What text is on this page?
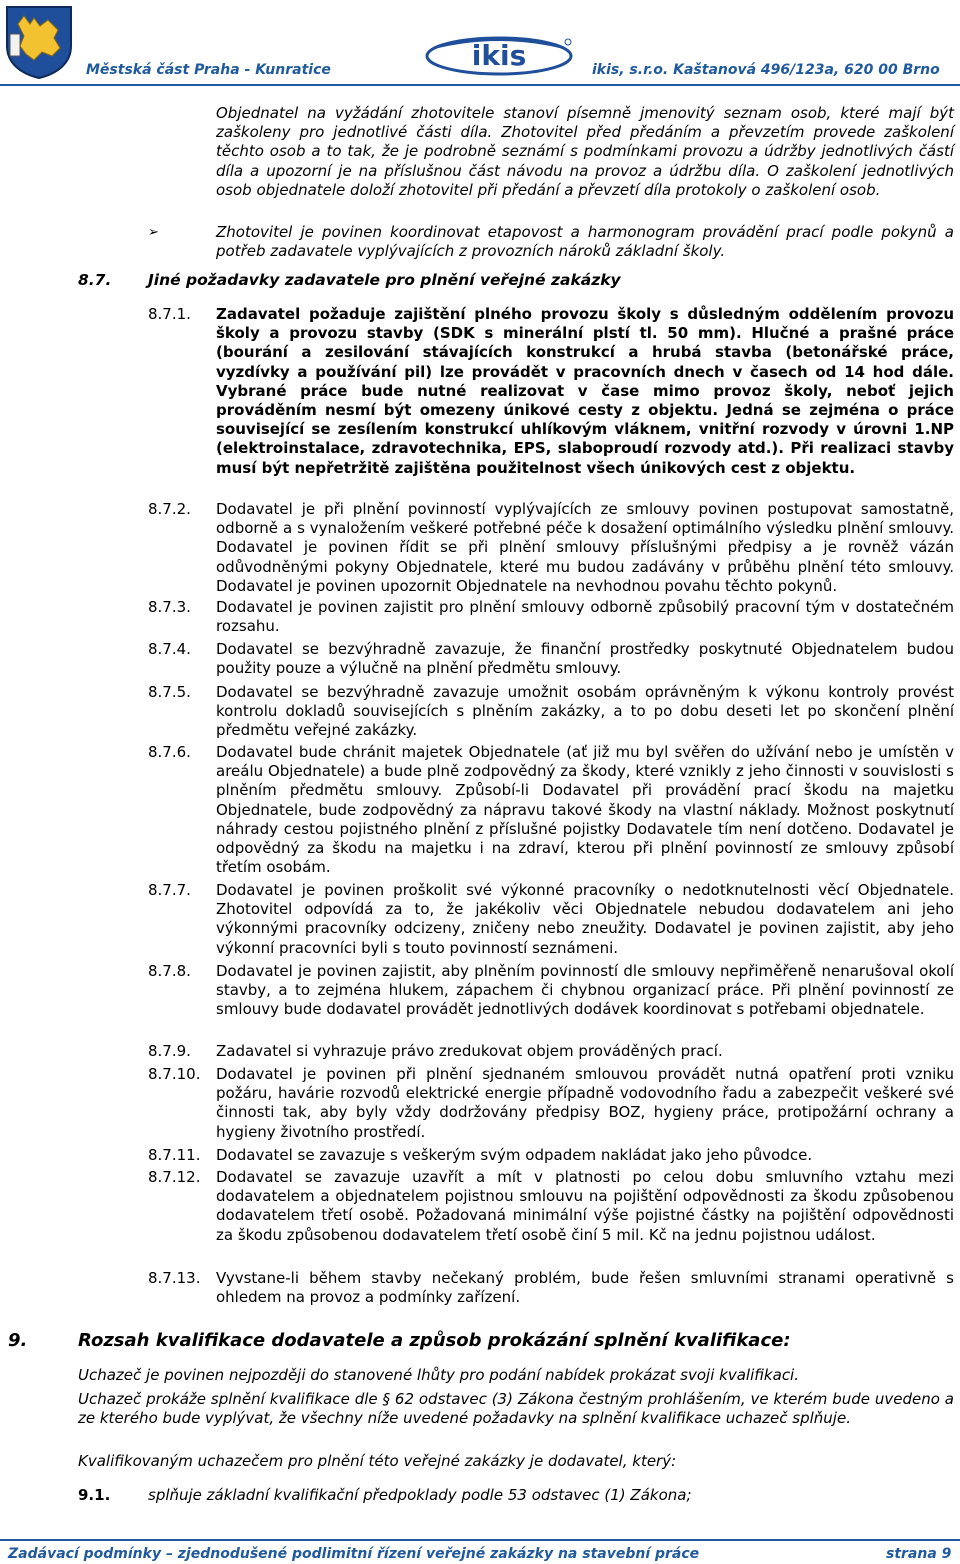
ikis
Městská část Praha - Kunratice	ikis, s.r.o. Kaštanová 496/123a, 620 00 Brno
Objednatel na vyžádání zhotovitele stanoví písemně jmenovitý seznam osob, které mají být zaškoleny pro jednotlivé části díla. Zhotovitel před předáním a převzetím provede zaškolení těchto osob a to tak, že je podrobně seznámí s podmínkami provozu a údržby jednotlivých částí díla a upozorní je na příslušnou část návodu na provoz a údržbu díla. O zaškolení jednotlivých osob objednatele doloží zhotovitel při předání a převzetí díla protokoly o zaškolení osob.
➢	Zhotovitel je povinen koordinovat etapovost a harmonogram provádění prací podle pokynů a potřeb zadavatele vyplývajících z provozních nároků základní školy.
8.7. Jiné požadavky zadavatele pro plnění veřejné zakázky
8.7.1. Zadavatel požaduje zajištění plného provozu školy s důsledným oddělením provozu školy a provozu stavby (SDK s minerální plstí tl. 50 mm). Hlučné a prašné práce (bourání a zesilování stávajících konstrukcí a hrubá stavba (betonářské práce, vyzdívky a používání pil) lze provádět v pracovních dnech v časech od 14 hod dále. Vybrané práce bude nutné realizovat v čase mimo provoz školy, neboť jejich prováděním nesmí být omezeny únikové cesty z objektu. Jedná se zejména o práce související se zesílením konstrukcí uhlíkovým vláknem, vnitřní rozvody v úrovni 1.NP (elektroinstalace, zdravotechnika, EPS, slaboproudí rozvody atd.). Při realizaci stavby musí být nepřetržitě zajištěna použitelnost všech únikových cest z objektu.
8.7.2. Dodavatel je při plnění povinností vyplývajících ze smlouvy povinen postupovat samostatně, odborně a s vynaložením veškeré potřebné péče k dosažení optimálního výsledku plnění smlouvy. Dodavatel je povinen řídit se při plnění smlouvy příslušnými předpisy a je rovněž vázán odůvodněnými pokyny Objednatele, které mu budou zadávány v průběhu plnění této smlouvy. Dodavatel je povinen upozornit Objednatele na nevhodnou povahu těchto pokynů.
8.7.3. Dodavatel je povinen zajistit pro plnění smlouvy odborně způsobilý pracovní tým v dostatečném rozsahu.
8.7.4. Dodavatel se bezvýhradně zavazuje, že finanční prostředky poskytnuté Objednatelem budou použity pouze a výlučně na plnění předmětu smlouvy.
8.7.5. Dodavatel se bezvýhradně zavazuje umožnit osobám oprávněným k výkonu kontroly provést kontrolu dokladů souvisejících s plněním zakázky, a to po dobu deseti let po skončení plnění předmětu veřejné zakázky.
8.7.6. Dodavatel bude chránit majetek Objednatele (ať již mu byl svěřen do užívání nebo je umístěn v areálu Objednatele) a bude plně zodpovědný za škody, které vznikly z jeho činnosti v souvislosti s plněním předmětu smlouvy. Způsobí-li Dodavatel při provádění prací škodu na majetku Objednatele, bude zodpovědný za nápravu takové škody na vlastní náklady. Možnost poskytnutí náhrady cestou pojistného plnění z příslušné pojistky Dodavatele tím není dotčeno. Dodavatel je odpovědný za škodu na majetku i na zdraví, kterou při plnění povinností ze smlouvy způsobí třetím osobám.
8.7.7. Dodavatel je povinen proškolit své výkonné pracovníky o nedotknutelnosti věcí Objednatele. Zhotovitel odpovídá za to, že jakékoliv věci Objednatele nebudou dodavatelem ani jeho výkonnými pracovníky odcizeny, zničeny nebo zneužity. Dodavatel je povinen zajistit, aby jeho výkonní pracovníci byli s touto povinností seznámeni.
8.7.8. Dodavatel je povinen zajistit, aby plněním povinností dle smlouvy nepřiměřeně nenarušoval okolí stavby, a to zejména hlukem, zápachem či chybnou organizací práce. Při plnění povinností ze smlouvy bude dodavatel provádět jednotlivých dodávek koordinovat s potřebami objednatele.
8.7.9. Zadavatel si vyhrazuje právo zredukovat objem prováděných prací.
8.7.10. Dodavatel je povinen při plnění sjednaném smlouvou provádět nutná opatření proti vzniku požáru, havárie rozvodů elektrické energie případně vodovodního řadu a zabezpečit veškeré své činnosti tak, aby byly vždy dodržovány předpisy BOZ, hygieny práce, protipožární ochrany a hygieny životního prostředí.
8.7.11. Dodavatel se zavazuje s veškerým svým odpadem nakládat jako jeho původce.
8.7.12. Dodavatel se zavazuje uzavřít a mít v platnosti po celou dobu smluvního vztahu mezi dodavatelem a objednatelem pojistnou smlouvu na pojištění odpovědnosti za škodu způsobenou dodavatelem třetí osobě. Požadovaná minimální výše pojistné částky na pojištění odpovědnosti za škodu způsobenou dodavatelem třetí osobě činí 5 mil. Kč na jednu pojistnou událost.
8.7.13. Vyvstane-li během stavby nečekaný problém, bude řešen smluvními stranami operativně s ohledem na provoz a podmínky zařízení.
9.	Rozsah kvalifikace dodavatele a způsob prokázání splnění kvalifikace:
Uchazeč je povinen nejpozději do stanovené lhůty pro podání nabídek prokázat svoji kvalifikaci.
Uchazeč prokáže splnění kvalifikace dle § 62 odstavec (3) Zákona čestným prohlášením, ve kterém bude uvedeno a ze kterého bude vyplývat, že všechny níže uvedené požadavky na splnění kvalifikace uchazeč splňuje.
Kvalifikovaným uchazečem pro plnění této veřejné zakázky je dodavatel, který:
9.1.	splňuje základní kvalifikační předpoklady podle 53 odstavec (1) Zákona;
Zadávací podmínky – zjednodušené podlimitní řízení veřejné zakázky na stavební práce	strana 9
